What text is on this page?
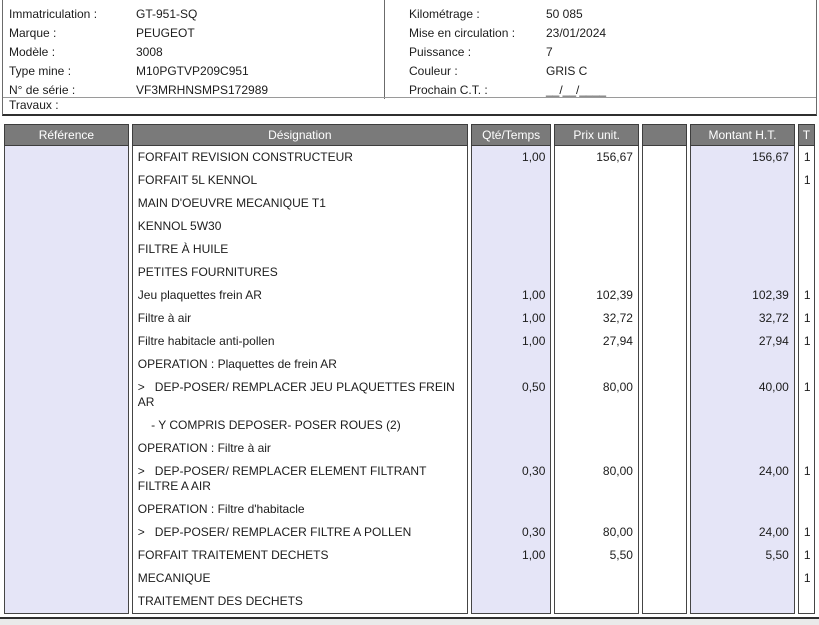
Immatriculation :	GT-951-SQ
Marque :	PEUGEOT
Modèle :	3008
Type mine :	M10PGTVP209C951
N° de série :	VF3MRHNSMPS172989
Kilométrage :	50 085
Mise en circulation :	23/01/2024
Puissance :	7
Couleur :	GRIS C
Prochain C.T. :	__/__/____
Travaux :
Référence	Désignation	Qté/Temps	Prix unit.		Montant H.T.	T
	FORFAIT REVISION CONSTRUCTEUR	1,00	156,67		156,67	1
	FORFAIT 5L KENNOL					1
	MAIN D'OEUVRE MECANIQUE T1					
	KENNOL 5W30					
	FILTRE À HUILE					
	PETITES FOURNITURES					
	Jeu plaquettes frein AR	1,00	102,39		102,39	1
	Filtre à air	1,00	32,72		32,72	1
	Filtre habitacle anti-pollen	1,00	27,94		27,94	1
	OPERATION : Plaquettes de frein AR					
	>   DEP-POSER/ REMPLACER JEU PLAQUETTES FREIN AR	0,50	80,00		40,00	1
	- Y COMPRIS DEPOSER- POSER ROUES (2)					
	OPERATION : Filtre à air					
	>   DEP-POSER/ REMPLACER ELEMENT FILTRANT FILTRE A AIR	0,30	80,00		24,00	1
	OPERATION : Filtre d'habitacle					
	>   DEP-POSER/ REMPLACER FILTRE A POLLEN	0,30	80,00		24,00	1
	FORFAIT TRAITEMENT DECHETS	1,00	5,50		5,50	1
	MECANIQUE					1
	TRAITEMENT DES DECHETS					
